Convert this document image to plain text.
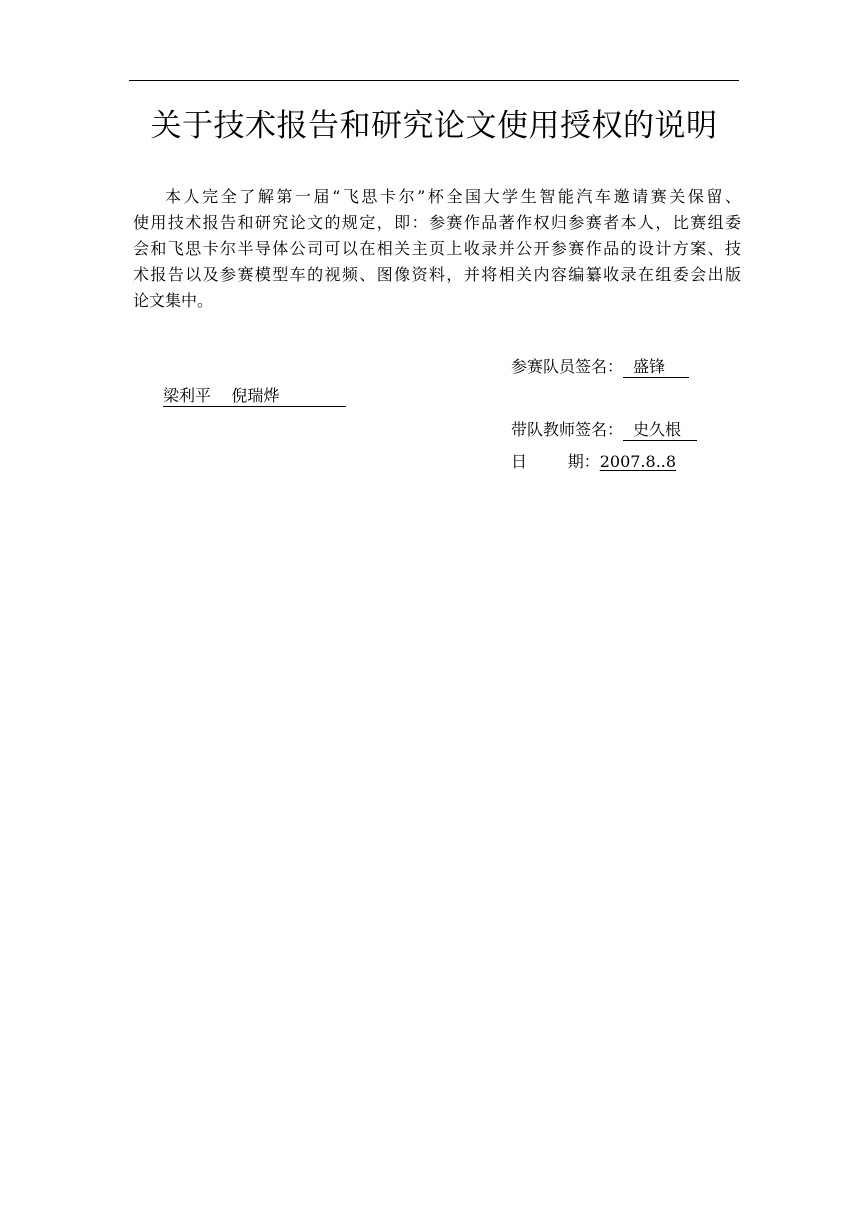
关于技术报告和研究论文使用授权的说明
本人完全了解第一届“飞思卡尔”杯全国大学生智能汽车邀请赛关保留、
使用技术报告和研究论文的规定，即：参赛作品著作权归参赛者本人，比赛组委
会和飞思卡尔半导体公司可以在相关主页上收录并公开参赛作品的设计方案、技
术报告以及参赛模型车的视频、图像资料，并将相关内容编纂收录在组委会出版
论文集中。
参赛队员签名： 盛锋
梁利平    倪瑞烨
带队教师签名： 史久根
日        期：2007.8..8
